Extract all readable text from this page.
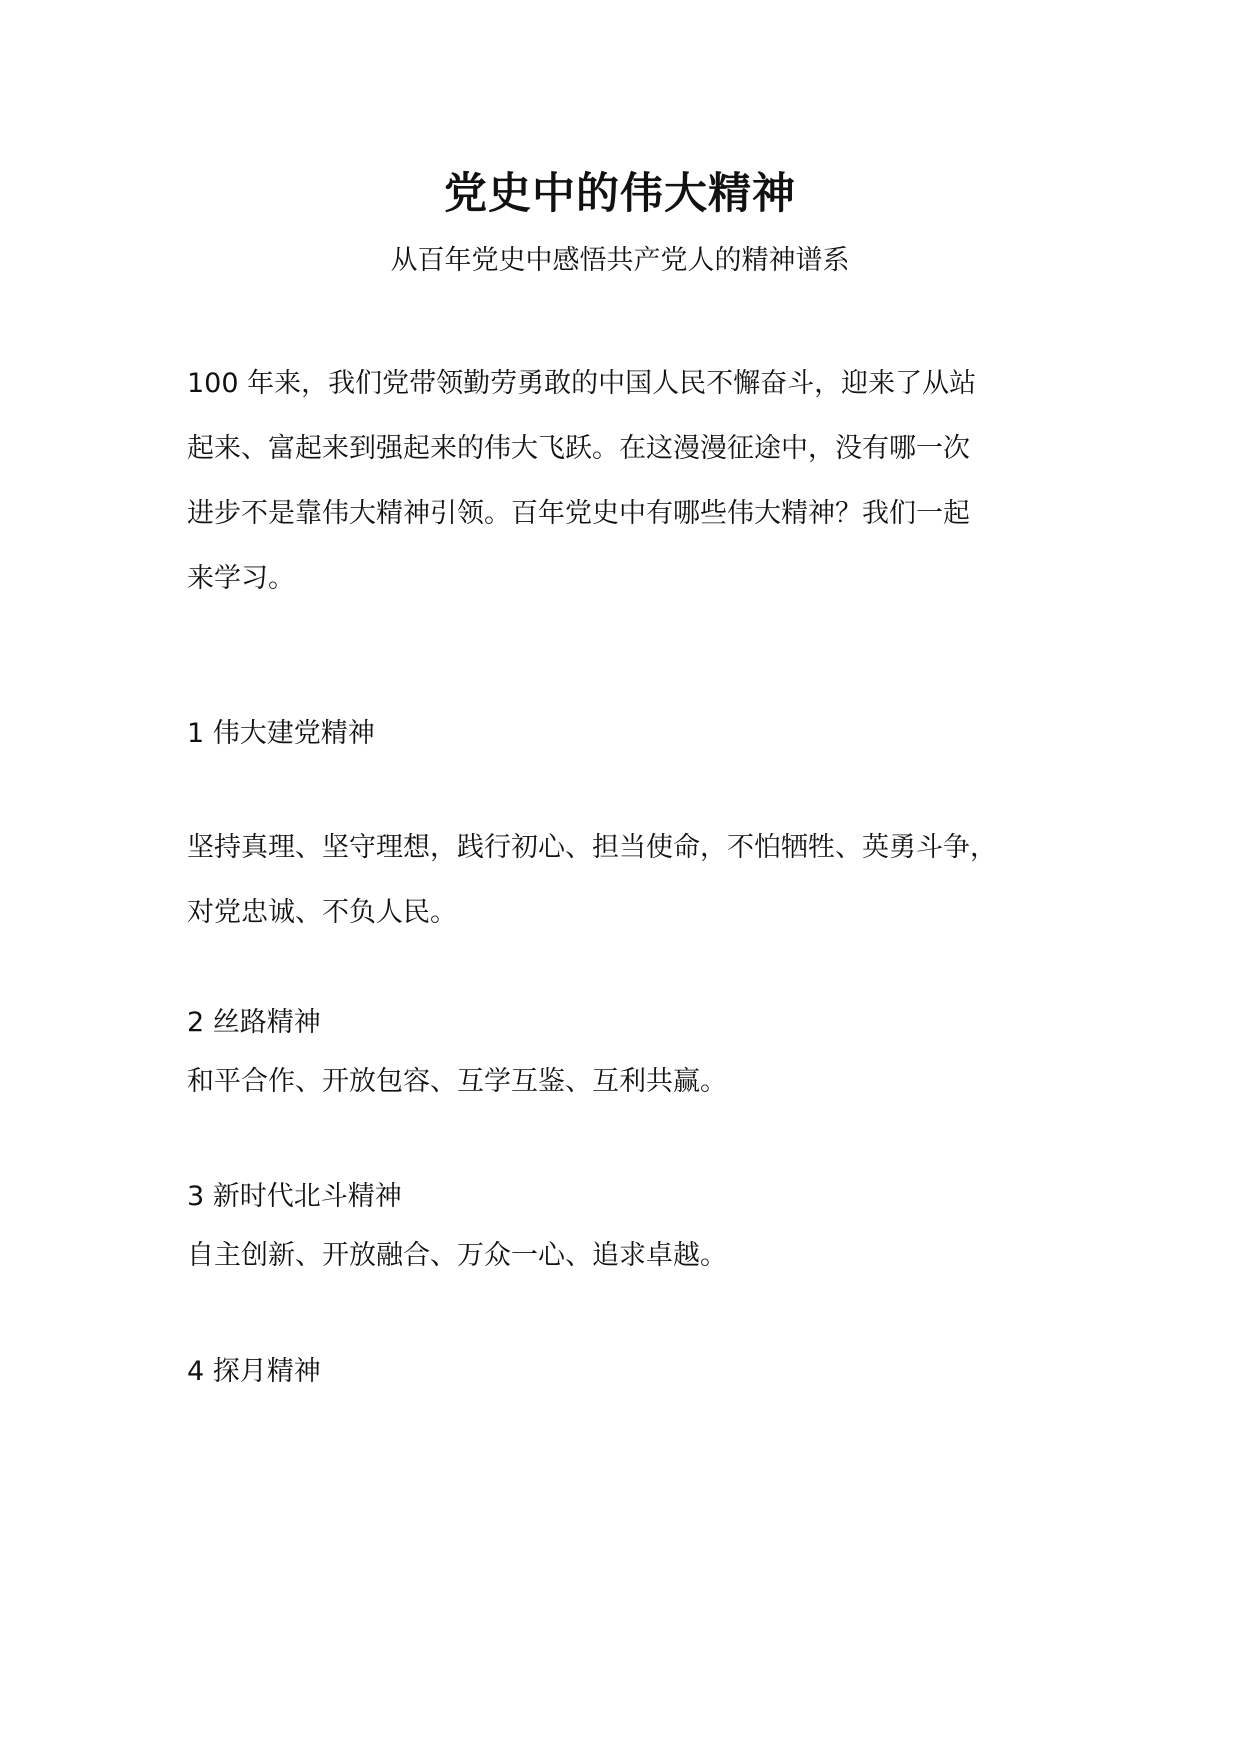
党史中的伟大精神
从百年党史中感悟共产党人的精神谱系
100 年来，我们党带领勤劳勇敢的中国人民不懈奋斗，迎来了从站
起来、富起来到强起来的伟大飞跃。在这漫漫征途中，没有哪一次
进步不是靠伟大精神引领。百年党史中有哪些伟大精神？我们一起
来学习。
1 伟大建党精神
坚持真理、坚守理想，践行初心、担当使命，不怕牺牲、英勇斗争，
对党忠诚、不负人民。
2 丝路精神
和平合作、开放包容、互学互鉴、互利共赢。
3 新时代北斗精神
自主创新、开放融合、万众一心、追求卓越。
4 探月精神
